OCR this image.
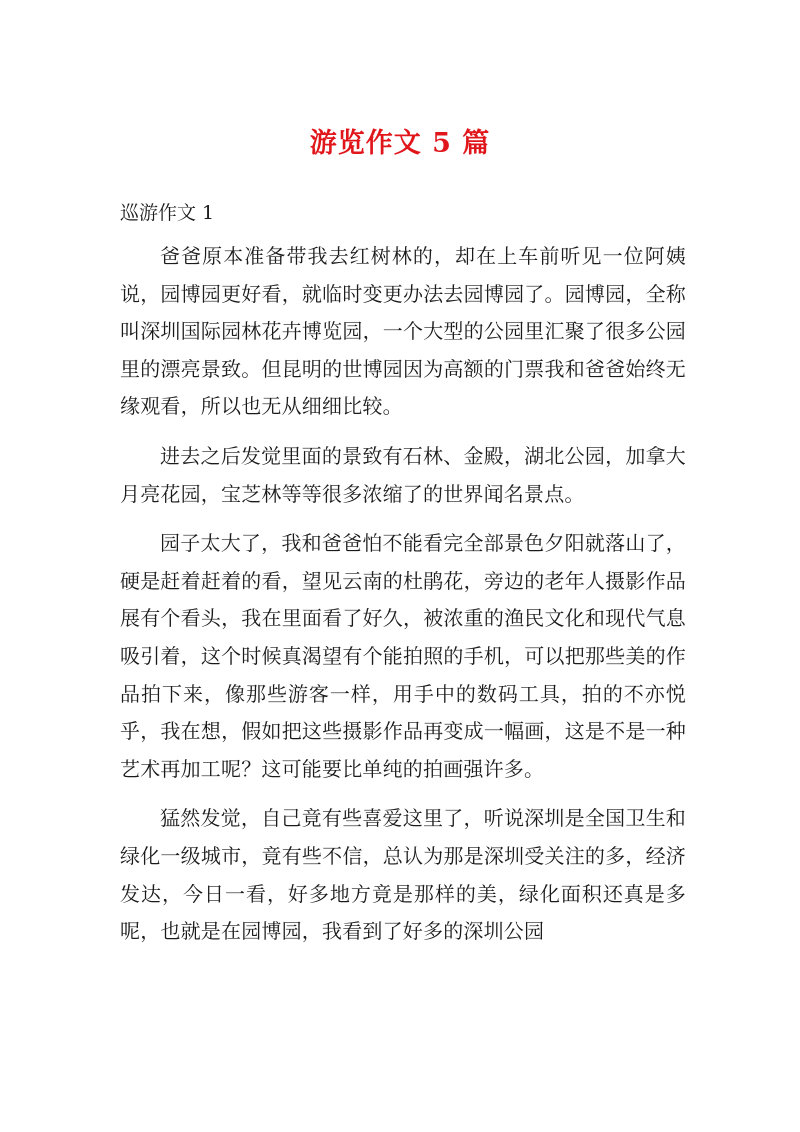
游览作文 5 篇
巡游作文 1

爸爸原本准备带我去红树林的，却在上车前听见一位阿姨说，园博园更好看，就临时变更办法去园博园了。园博园，全称叫深圳国际园林花卉博览园，一个大型的公园里汇聚了很多公园里的漂亮景致。但昆明的世博园因为高额的门票我和爸爸始终无缘观看，所以也无从细细比较。

进去之后发觉里面的景致有石林、金殿，湖北公园，加拿大月亮花园，宝芝林等等很多浓缩了的世界闻名景点。

园子太大了，我和爸爸怕不能看完全部景色夕阳就落山了，硬是赶着赶着的看，望见云南的杜鹃花，旁边的老年人摄影作品展有个看头，我在里面看了好久，被浓重的渔民文化和现代气息吸引着，这个时候真渴望有个能拍照的手机，可以把那些美的作品拍下来，像那些游客一样，用手中的数码工具，拍的不亦悦乎，我在想，假如把这些摄影作品再变成一幅画，这是不是一种艺术再加工呢？这可能要比单纯的拍画强许多。

猛然发觉，自己竟有些喜爱这里了，听说深圳是全国卫生和绿化一级城市，竟有些不信，总认为那是深圳受关注的多，经济发达，今日一看，好多地方竟是那样的美，绿化面积还真是多呢，也就是在园博园，我看到了好多的深圳公园
